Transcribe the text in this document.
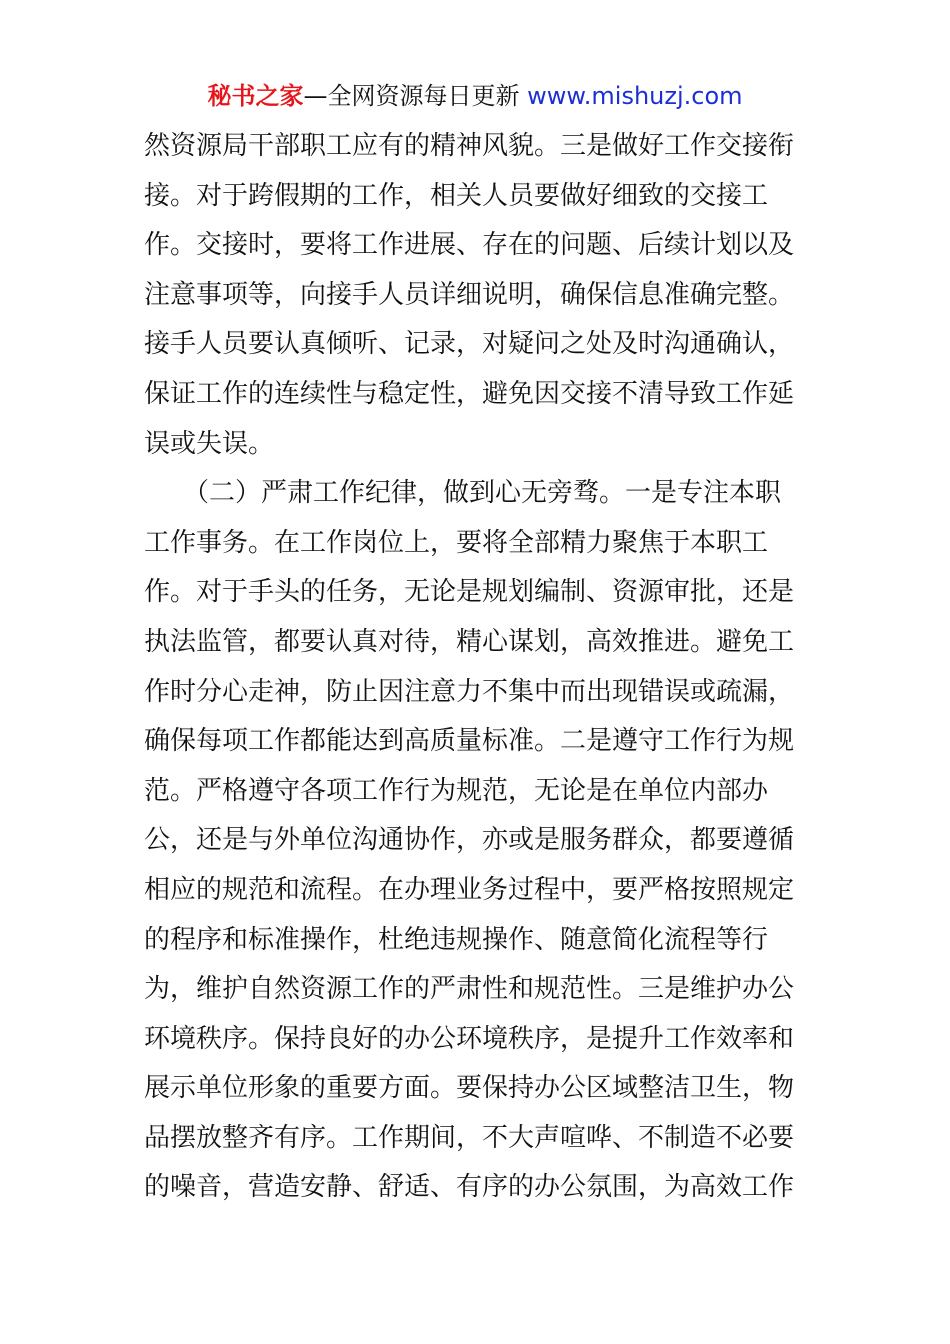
秘书之家—全网资源每日更新 www.mishuzj.com
然资源局干部职工应有的精神风貌。三是做好工作交接衔
接。对于跨假期的工作，相关人员要做好细致的交接工
作。交接时，要将工作进展、存在的问题、后续计划以及
注意事项等，向接手人员详细说明，确保信息准确完整。
接手人员要认真倾听、记录，对疑问之处及时沟通确认，
保证工作的连续性与稳定性，避免因交接不清导致工作延
误或失误。
　　（二）严肃工作纪律，做到心无旁骛。一是专注本职
工作事务。在工作岗位上，要将全部精力聚焦于本职工
作。对于手头的任务，无论是规划编制、资源审批，还是
执法监管，都要认真对待，精心谋划，高效推进。避免工
作时分心走神，防止因注意力不集中而出现错误或疏漏，
确保每项工作都能达到高质量标准。二是遵守工作行为规
范。严格遵守各项工作行为规范，无论是在单位内部办
公，还是与外单位沟通协作，亦或是服务群众，都要遵循
相应的规范和流程。在办理业务过程中，要严格按照规定
的程序和标准操作，杜绝违规操作、随意简化流程等行
为，维护自然资源工作的严肃性和规范性。三是维护办公
环境秩序。保持良好的办公环境秩序，是提升工作效率和
展示单位形象的重要方面。要保持办公区域整洁卫生，物
品摆放整齐有序。工作期间，不大声喧哗、不制造不必要
的噪音，营造安静、舒适、有序的办公氛围，为高效工作
